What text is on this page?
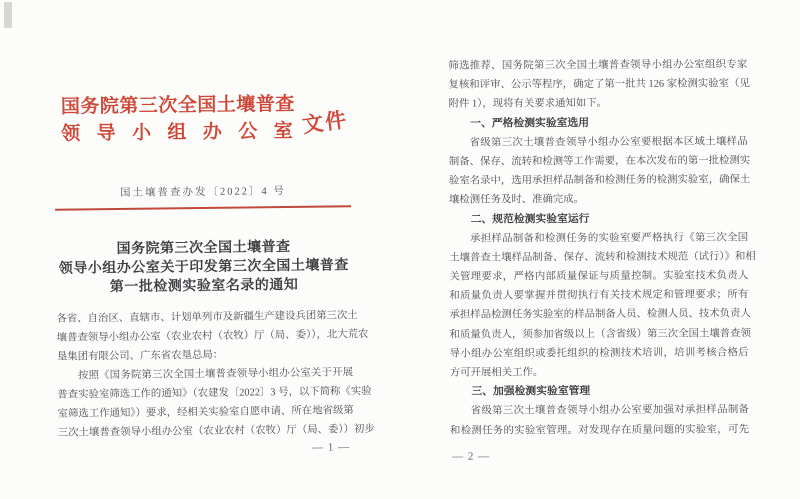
国务院第三次全国土壤普查
领导小组办公室 文件
国土壤普查办发〔2022〕4 号
国务院第三次全国土壤普查
领导小组办公室关于印发第三次全国土壤普查
第一批检测实验室名录的通知
各省、自治区、直辖市、计划单列市及新疆生产建设兵团第三次土
壤普查领导小组办公室（农业农村（农牧）厅（局、委）），北大荒农
垦集团有限公司、广东省农垦总局：
按照《国务院第三次全国土壤普查领导小组办公室关于开展
普查实验室筛选工作的通知》（农建发〔2022〕3 号，以下简称《实验
室筛选工作通知》）要求，经相关实验室自愿申请、所在地省级第
三次土壤普查领导小组办公室（农业农村（农牧）厅（局、委））初步
— 1 —
筛选推荐、国务院第三次全国土壤普查领导小组办公室组织专家
复核和评审、公示等程序，确定了第一批共 126 家检测实验室（见
附件 1），现将有关要求通知如下。
一、严格检测实验室选用
省级第三次土壤普查领导小组办公室要根据本区域土壤样品
制备、保存、流转和检测等工作需要，在本次发布的第一批检测实
验室名录中，选用承担样品制备和检测任务的检测实验室，确保土
壤检测任务及时、准确完成。
二、规范检测实验室运行
承担样品制备和检测任务的实验室要严格执行《第三次全国
土壤普查土壤样品制备、保存、流转和检测技术规范（试行）》和相
关管理要求，严格内部质量保证与质量控制。实验室技术负责人
和质量负责人要掌握并贯彻执行有关技术规定和管理要求；所有
承担样品检测任务实验室的样品制备人员、检测人员、技术负责人
和质量负责人，须参加省级以上（含省级）第三次全国土壤普查领
导小组办公室组织或委托组织的检测技术培训，培训考核合格后
方可开展相关工作。
三、加强检测实验室管理
省级第三次土壤普查领导小组办公室要加强对承担样品制备
和检测任务的实验室管理。对发现存在质量问题的实验室，可先
— 2 —
